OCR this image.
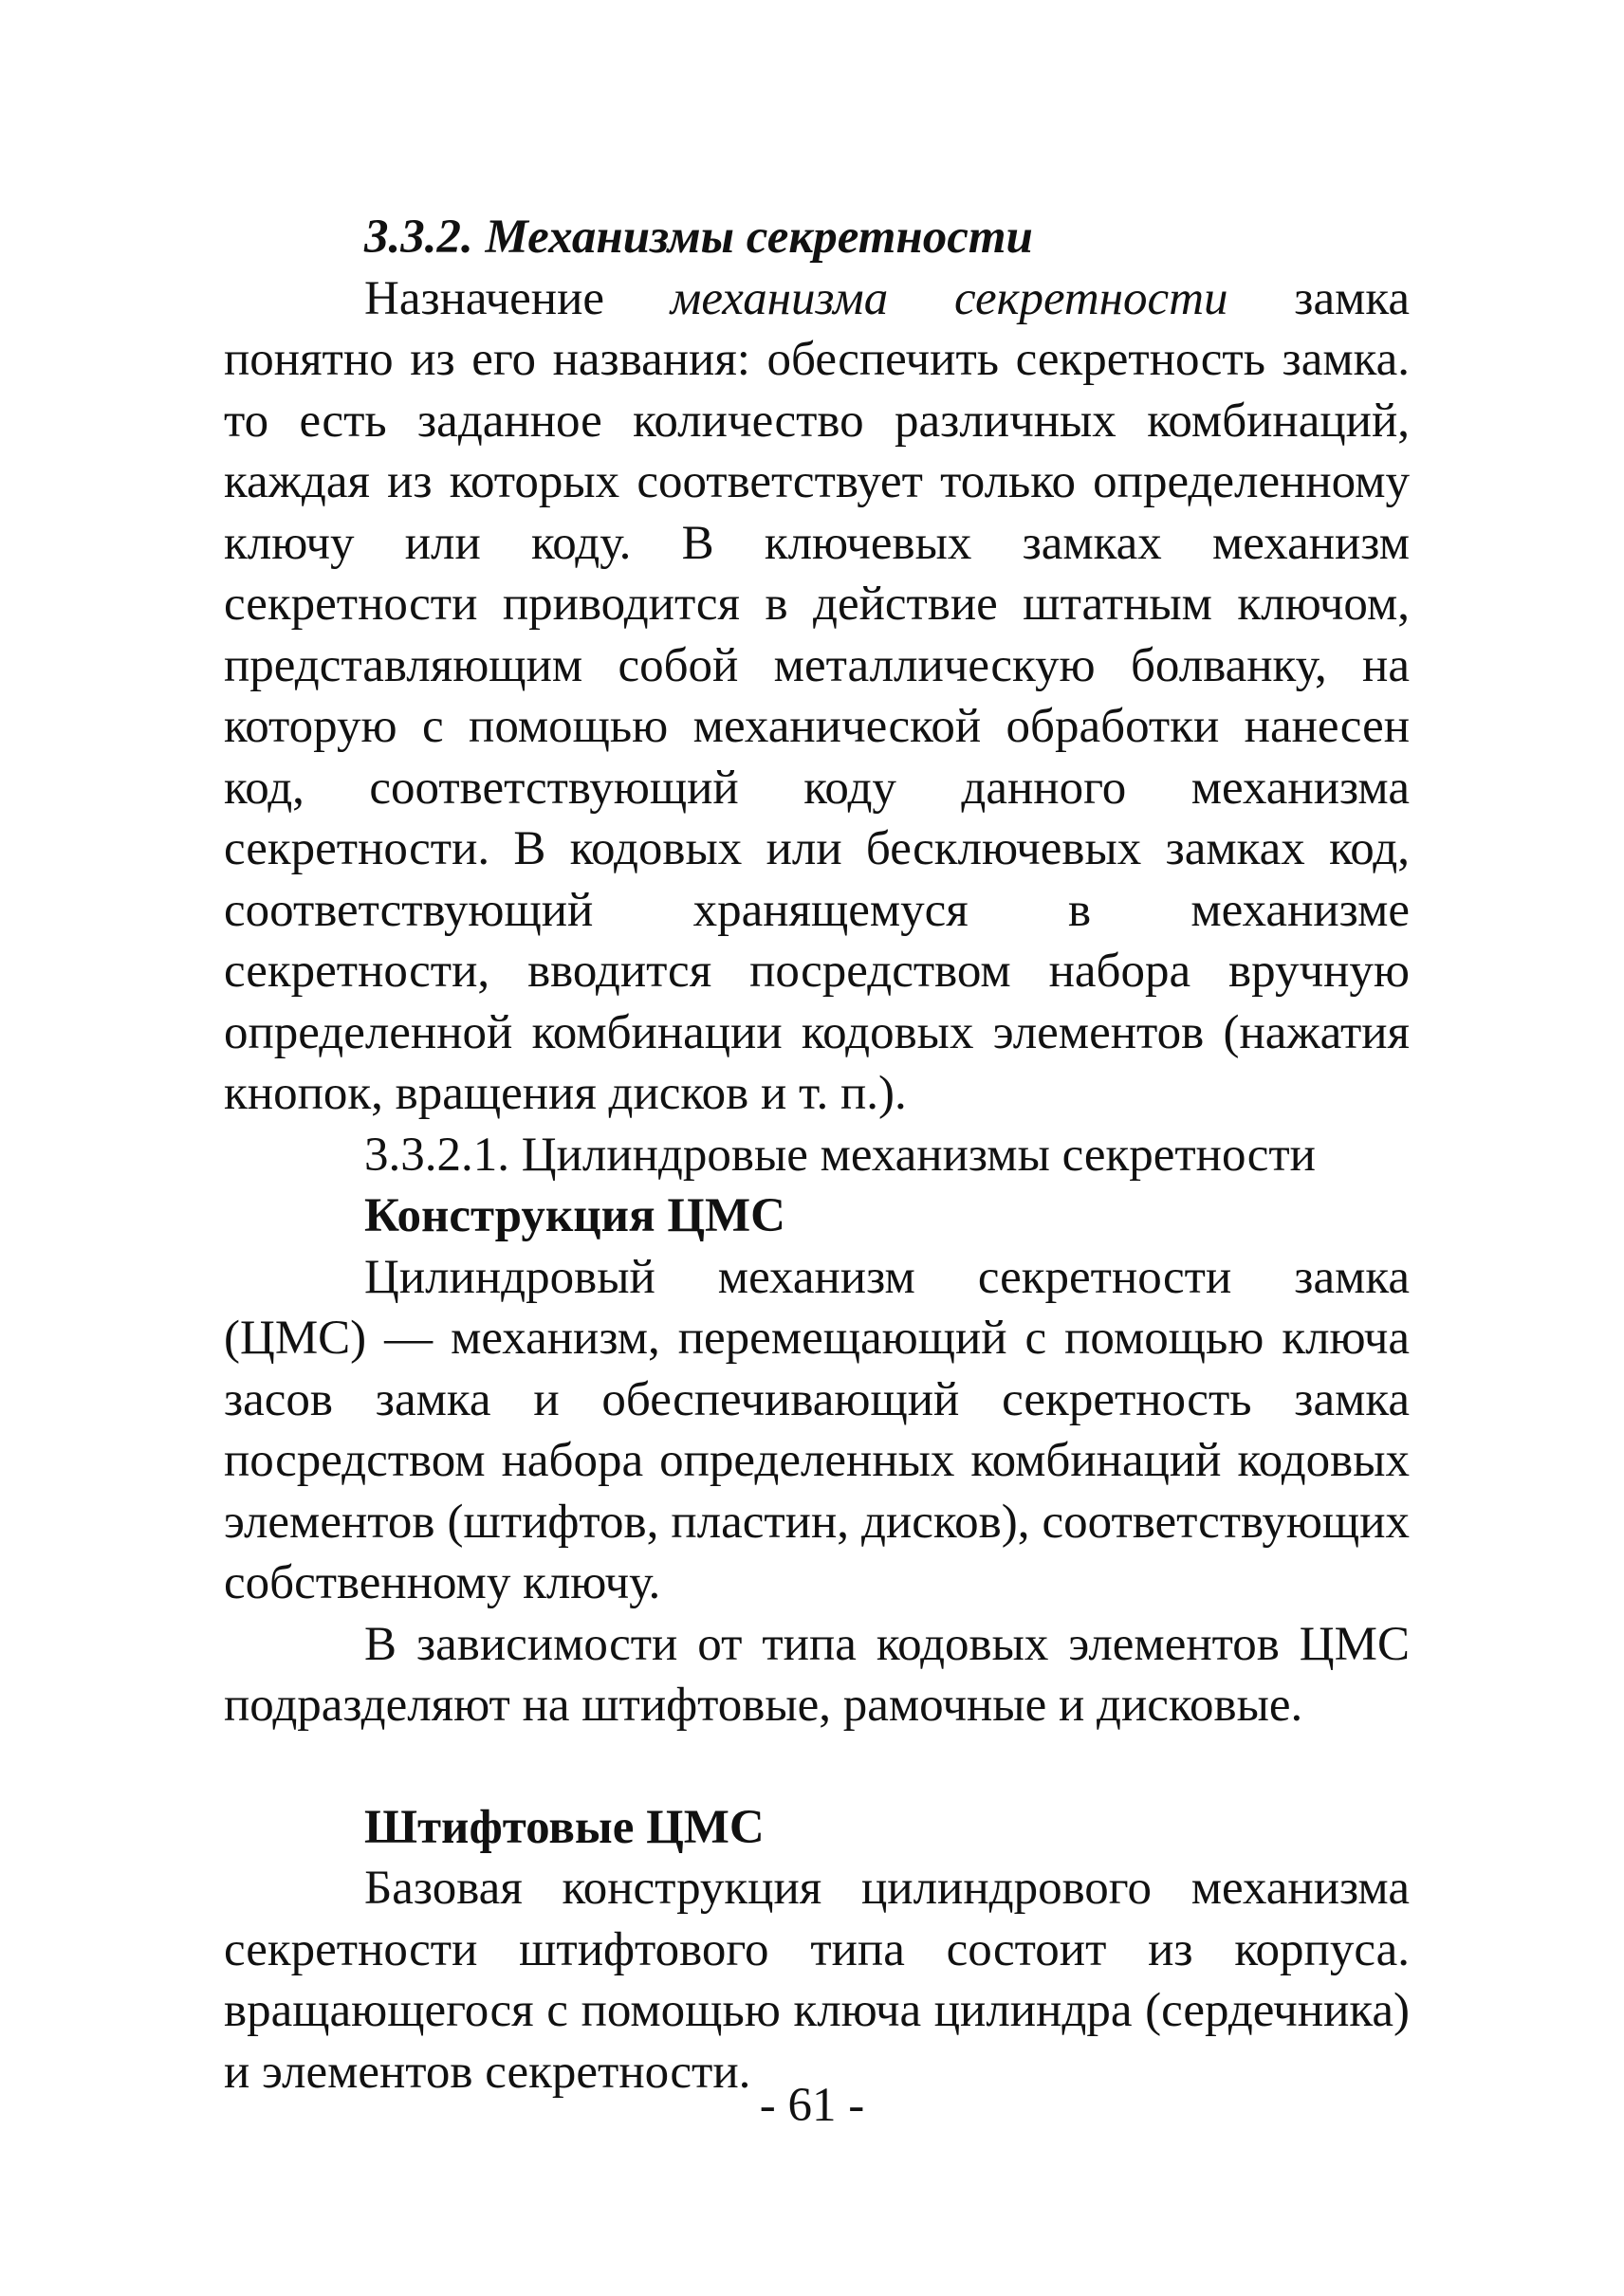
3.3.2. Механизмы секретности

Назначение механизма секретности замка понятно из его названия: обеспечить секретность замка. то есть заданное количество различных комбинаций, каждая из которых соответствует только определенному ключу или коду. В ключевых замках механизм секретности приводится в действие штатным ключом, представляющим собой металлическую болванку, на которую с помощью механической обработки нанесен код, соответствующий коду данного механизма секретности. В кодовых или бесключевых замках код, соответствующий хранящемуся в механизме секретности, вводится посредством набора вручную определенной комбинации кодовых элементов (нажатия кнопок, вращения дисков и т. п.).

3.3.2.1. Цилиндровые механизмы секретности
Конструкция ЦМС

Цилиндровый механизм секретности замка (ЦМС) — механизм, перемещающий с помощью ключа засов замка и обеспечивающий секретность замка посредством набора определенных комбинаций кодовых элементов (штифтов, пластин, дисков), соответствующих собственному ключу.

В зависимости от типа кодовых элементов ЦМС подразделяют на штифтовые, рамочные и дисковые.

Штифтовые ЦМС

Базовая конструкция цилиндрового механизма секретности штифтового типа состоит из корпуса. вращающегося с помощью ключа цилиндра (сердечника) и элементов секретности.

- 61 -
